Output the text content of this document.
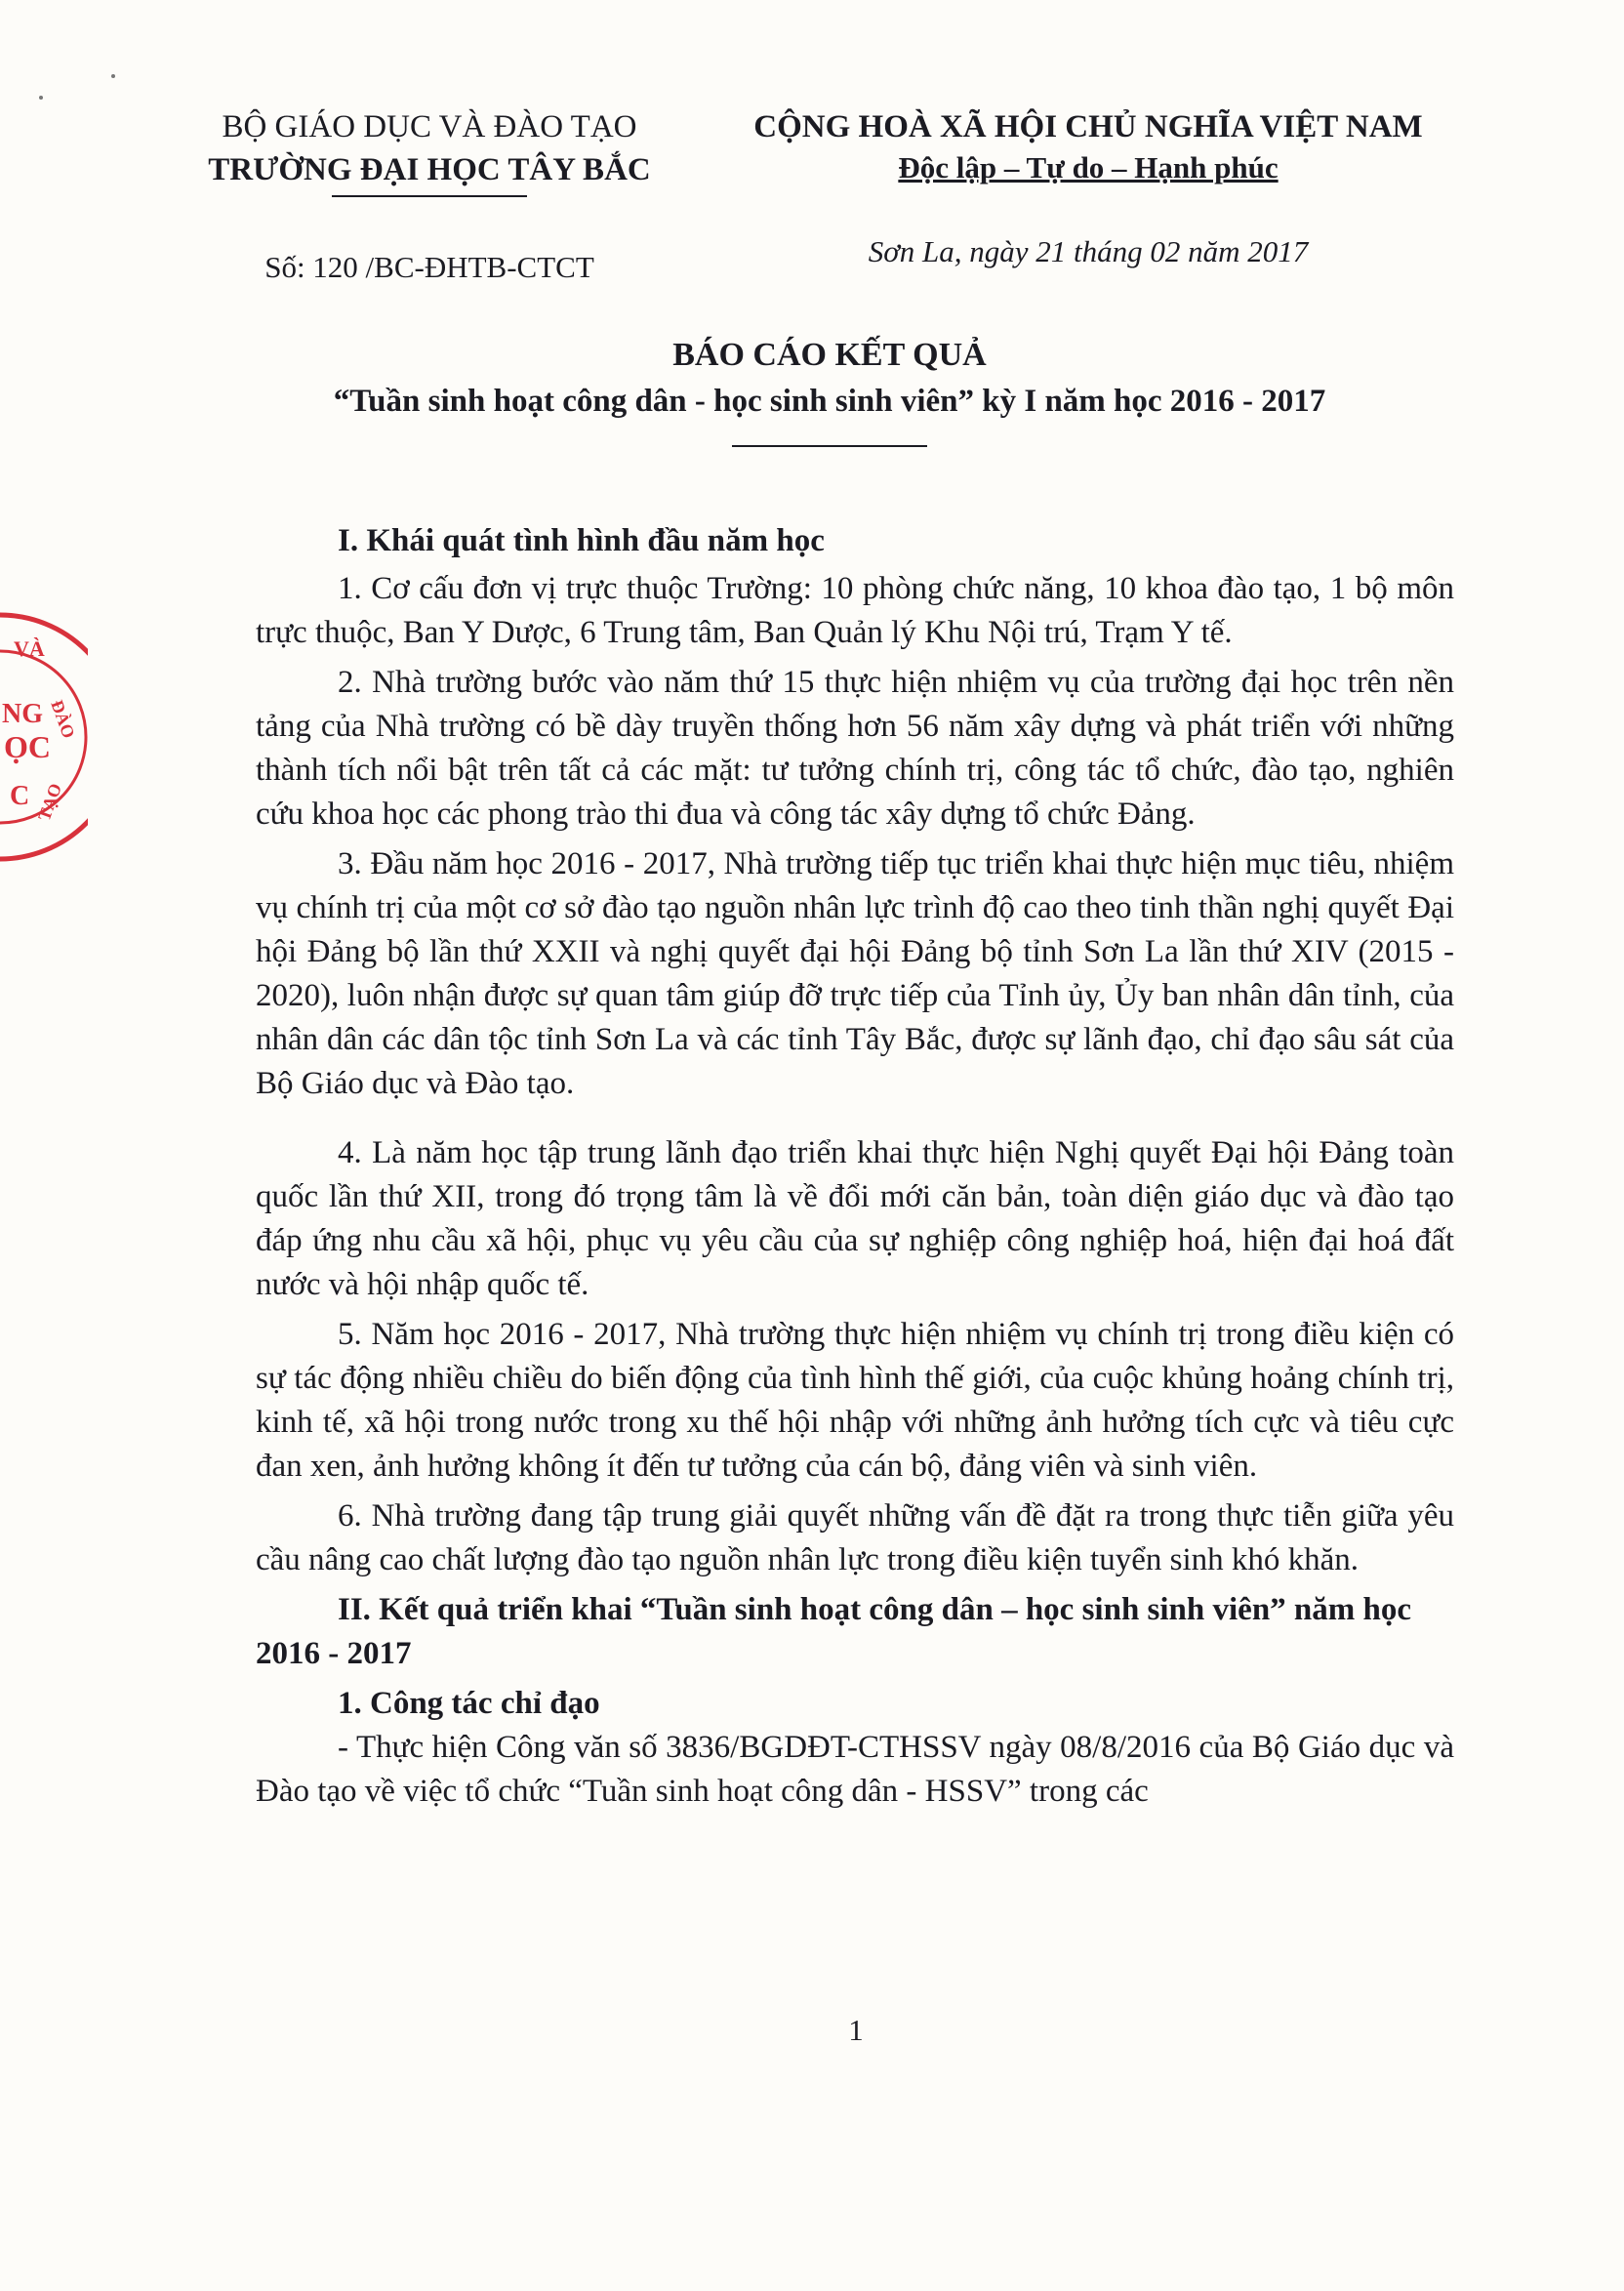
BỘ GIÁO DỤC VÀ ĐÀO TẠO
TRƯỜNG ĐẠI HỌC TÂY BẮC
Số: 120 /BC-ĐHTB-CTCT
CỘNG HOÀ XÃ HỘI CHỦ NGHĨA VIỆT NAM
Độc lập – Tự do – Hạnh phúc
Sơn La, ngày 21 tháng 02 năm 2017
BÁO CÁO KẾT QUẢ
“Tuần sinh hoạt công dân - học sinh sinh viên” kỳ I năm học 2016 - 2017

I. Khái quát tình hình đầu năm học

1. Cơ cấu đơn vị trực thuộc Trường: 10 phòng chức năng, 10 khoa đào tạo, 1 bộ môn trực thuộc, Ban Y Dược, 6 Trung tâm, Ban Quản lý Khu Nội trú, Trạm Y tế.

2. Nhà trường bước vào năm thứ 15 thực hiện nhiệm vụ của trường đại học trên nền tảng của Nhà trường có bề dày truyền thống hơn 56 năm xây dựng và phát triển với những thành tích nổi bật trên tất cả các mặt: tư tưởng chính trị, công tác tổ chức, đào tạo, nghiên cứu khoa học các phong trào thi đua và công tác xây dựng tổ chức Đảng.

3. Đầu năm học 2016 - 2017, Nhà trường tiếp tục triển khai thực hiện mục tiêu, nhiệm vụ chính trị của một cơ sở đào tạo nguồn nhân lực trình độ cao theo tinh thần nghị quyết Đại hội Đảng bộ lần thứ XXII và nghị quyết đại hội Đảng bộ tỉnh Sơn La lần thứ XIV (2015 - 2020), luôn nhận được sự quan tâm giúp đỡ trực tiếp của Tỉnh ủy, Ủy ban nhân dân tỉnh, của nhân dân các dân tộc tỉnh Sơn La và các tỉnh Tây Bắc, được sự lãnh đạo, chỉ đạo sâu sát của Bộ Giáo dục và Đào tạo.

4. Là năm học tập trung lãnh đạo triển khai thực hiện Nghị quyết Đại hội Đảng toàn quốc lần thứ XII, trong đó trọng tâm là về đổi mới căn bản, toàn diện giáo dục và đào tạo đáp ứng nhu cầu xã hội, phục vụ yêu cầu của sự nghiệp công nghiệp hoá, hiện đại hoá đất nước và hội nhập quốc tế.

5. Năm học 2016 - 2017, Nhà trường thực hiện nhiệm vụ chính trị trong điều kiện có sự tác động nhiều chiều do biến động của tình hình thế giới, của cuộc khủng hoảng chính trị, kinh tế, xã hội trong nước trong xu thế hội nhập với những ảnh hưởng tích cực và tiêu cực đan xen, ảnh hưởng không ít đến tư tưởng của cán bộ, đảng viên và sinh viên.

6. Nhà trường đang tập trung giải quyết những vấn đề đặt ra trong thực tiễn giữa yêu cầu nâng cao chất lượng đào tạo nguồn nhân lực trong điều kiện tuyển sinh khó khăn.

II. Kết quả triển khai “Tuần sinh hoạt công dân – học sinh sinh viên” năm học 2016 - 2017

1. Công tác chỉ đạo

- Thực hiện Công văn số 3836/BGDĐT-CTHSSV ngày 08/8/2016 của Bộ Giáo dục và Đào tạo về việc tổ chức “Tuần sinh hoạt công dân - HSSV” trong các

1
VÀ
ĐÀO
NG
ỌC
C TẠO
